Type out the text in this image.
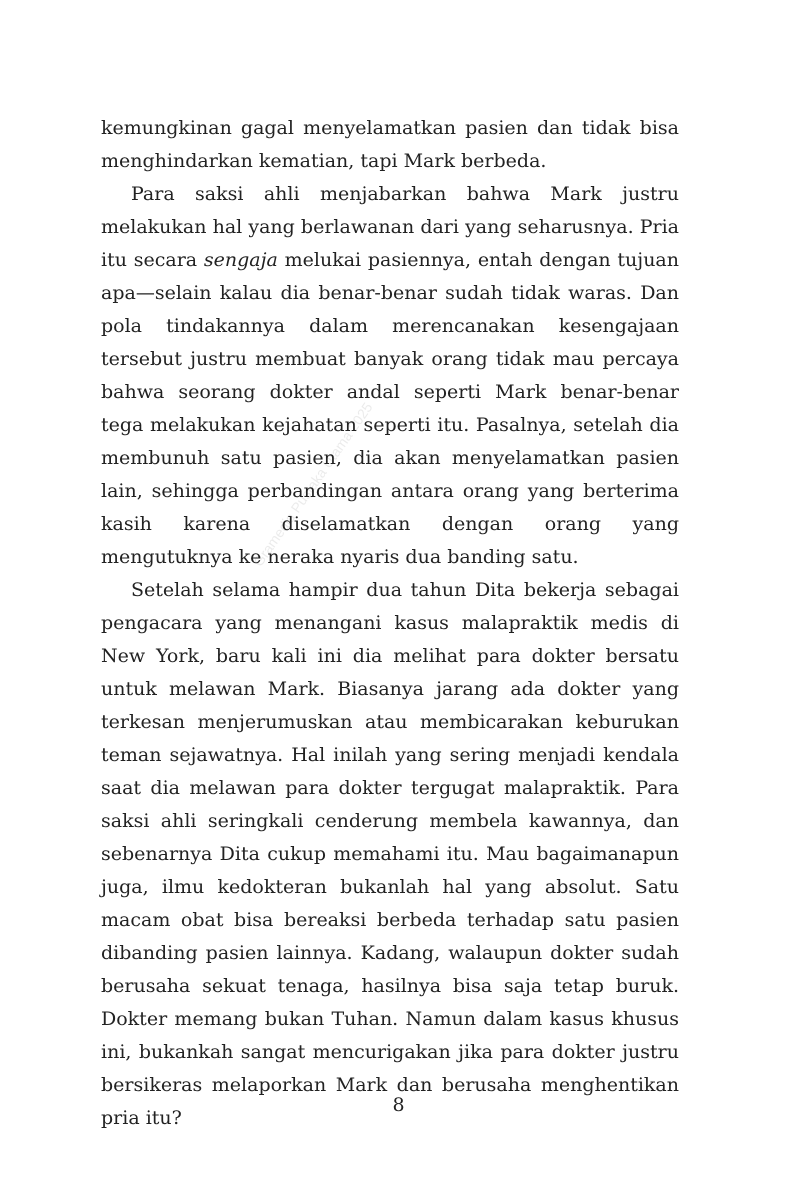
Gramedia Pustaka Utama 2025

kemungkinan gagal menyelamatkan pasien dan tidak bisa menghindarkan kematian, tapi Mark berbeda.

Para saksi ahli menjabarkan bahwa Mark justru melakukan hal yang berlawanan dari yang seharusnya. Pria itu secara sengaja melukai pasiennya, entah dengan tujuan apa—selain kalau dia benar-benar sudah tidak waras. Dan pola tindakannya dalam merencanakan kesengajaan tersebut justru membuat banyak orang tidak mau percaya bahwa seorang dokter andal seperti Mark benar-benar tega melakukan kejahatan seperti itu. Pasalnya, setelah dia membunuh satu pasien, dia akan menyelamatkan pasien lain, sehingga perbandingan antara orang yang berterima kasih karena diselamatkan dengan orang yang mengutuknya ke neraka nyaris dua banding satu.

Setelah selama hampir dua tahun Dita bekerja sebagai pengacara yang menangani kasus malapraktik medis di New York, baru kali ini dia melihat para dokter bersatu untuk melawan Mark. Biasanya jarang ada dokter yang terkesan menjerumuskan atau membicarakan keburukan teman sejawatnya. Hal inilah yang sering menjadi kendala saat dia melawan para dokter tergugat malapraktik. Para saksi ahli seringkali cenderung membela kawannya, dan sebenarnya Dita cukup memahami itu. Mau bagaimanapun juga, ilmu kedokteran bukanlah hal yang absolut. Satu macam obat bisa bereaksi berbeda terhadap satu pasien dibanding pasien lainnya. Kadang, walaupun dokter sudah berusaha sekuat tenaga, hasilnya bisa saja tetap buruk. Dokter memang bukan Tuhan. Namun dalam kasus khusus ini, bukankah sangat mencurigakan jika para dokter justru bersikeras melaporkan Mark dan berusaha menghentikan pria itu?

8
